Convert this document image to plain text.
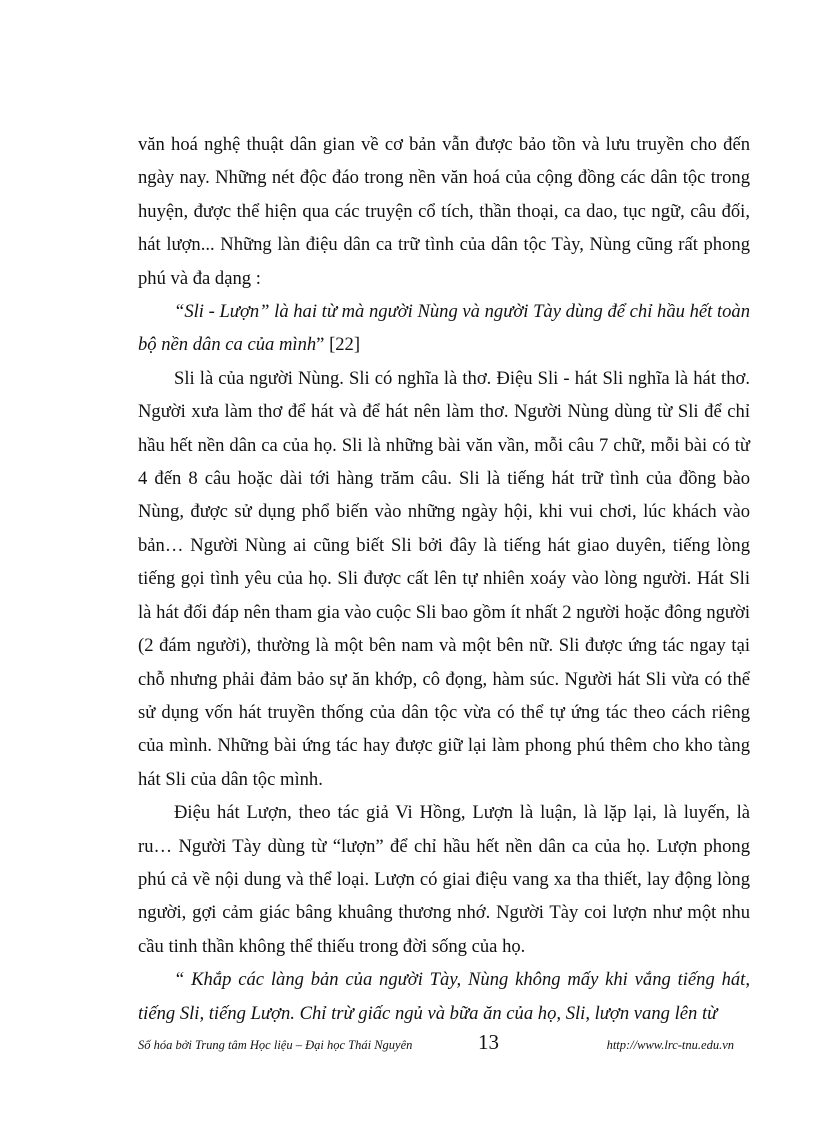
văn hoá nghệ thuật dân gian về cơ bản vẫn được bảo tồn và lưu truyền cho đến ngày nay. Những nét độc đáo trong nền văn hoá của cộng đồng các dân tộc trong huyện, được thể hiện qua các truyện cổ tích, thần thoại, ca dao, tục ngữ, câu đối, hát lượn... Những làn điệu dân ca trữ tình của dân tộc Tày, Nùng cũng rất phong phú và đa dạng :

“Sli - Lượn” là hai từ mà người Nùng và người Tày dùng để chỉ hầu hết toàn bộ nền dân ca của mình” [22]

Sli là của người Nùng. Sli có nghĩa là thơ. Điệu Sli - hát Sli nghĩa là hát thơ. Người xưa làm thơ để hát và để hát nên làm thơ. Người Nùng dùng từ Sli để chỉ hầu hết nền dân ca của họ. Sli là những bài văn vần, mỗi câu 7 chữ, mỗi bài có từ 4 đến 8 câu hoặc dài tới hàng trăm câu. Sli là tiếng hát trữ tình của đồng bào Nùng, được sử dụng phổ biến vào những ngày hội, khi vui chơi, lúc khách vào bản… Người Nùng ai cũng biết Sli bởi đây là tiếng hát giao duyên, tiếng lòng tiếng gọi tình yêu của họ. Sli được cất lên tự nhiên xoáy vào lòng người. Hát Sli là hát đối đáp nên tham gia vào cuộc Sli bao gồm ít nhất 2 người hoặc đông người (2 đám người), thường là một bên nam và một bên nữ. Sli được ứng tác ngay tại chỗ nhưng phải đảm bảo sự ăn khớp, cô đọng, hàm súc. Người hát Sli vừa có thể sử dụng vốn hát truyền thống của dân tộc vừa có thể tự ứng tác theo cách riêng của mình. Những bài ứng tác hay được giữ lại làm phong phú thêm cho kho tàng hát Sli của dân tộc mình.

Điệu hát Lượn, theo tác giả Vi Hồng, Lượn là luận, là lặp lại, là luyến, là ru… Người Tày dùng từ “lượn” để chỉ hầu hết nền dân ca của họ. Lượn phong phú cả về nội dung và thể loại. Lượn có giai điệu vang xa tha thiết, lay động lòng người, gợi cảm giác bâng khuâng thương nhớ. Người Tày coi lượn như một nhu cầu tinh thần không thể thiếu trong đời sống của họ.

“ Khắp các làng bản của người Tày, Nùng không mấy khi vắng tiếng hát, tiếng Sli, tiếng Lượn. Chỉ trừ giấc ngủ và bữa ăn của họ, Sli, lượn vang lên từ

Số hóa bởi Trung tâm Học liệu – Đại học Thái Nguyên	13	http://www.lrc-tnu.edu.vn
